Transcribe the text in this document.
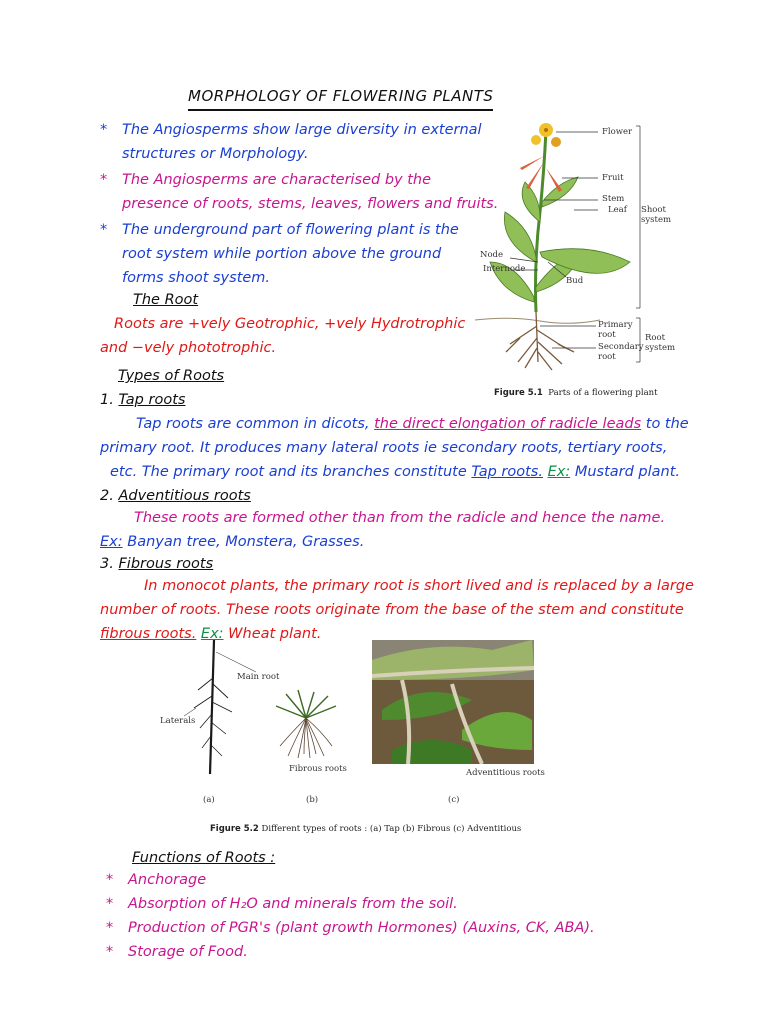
MORPHOLOGY OF FLOWERING PLANTS
*	The Angiosperms show large diversity in external
structures or Morphology.
*	The Angiosperms are characterised by the
presence of roots, stems, leaves, flowers and fruits.
*	The underground part of flowering plant is the
root system while portion above the ground
forms shoot system.
The Root
Roots are +vely Geotrophic, +vely Hydrotrophic
and −vely phototrophic.
Types of Roots
1. Tap roots
Tap roots are common in dicots, the direct elongation of radicle leads to the
primary root. It produces many lateral roots ie secondary roots, tertiary roots,
etc. The primary root and its branches constitute Tap roots. Ex: Mustard plant.
2. Adventitious roots
These roots are formed other than from the radicle and hence the name.
Ex: Banyan tree, Monstera, Grasses.
3. Fibrous roots
In monocot plants, the primary root is short lived and is replaced by a large
number of roots. These roots originate from the base of the stem and constitute
fibrous roots. Ex: Wheat plant.
Flower
Fruit
Stem
Leaf Shoot
system
Node
Internode
Bud
Primary
root
Secondary
root
Root
system
Figure 5.1 Parts of a flowering plant
Main root
Laterals
Fibrous roots	Adventitious roots
(a)	(b)	(c)
Figure 5.2 Different types of roots : (a) Tap (b) Fibrous (c) Adventitious
Functions of Roots :
*	Anchorage
*	Absorption of H₂O and minerals from the soil.
*	Production of PGR's (plant growth Hormones) (Auxins, CK, ABA).
*	Storage of Food.
